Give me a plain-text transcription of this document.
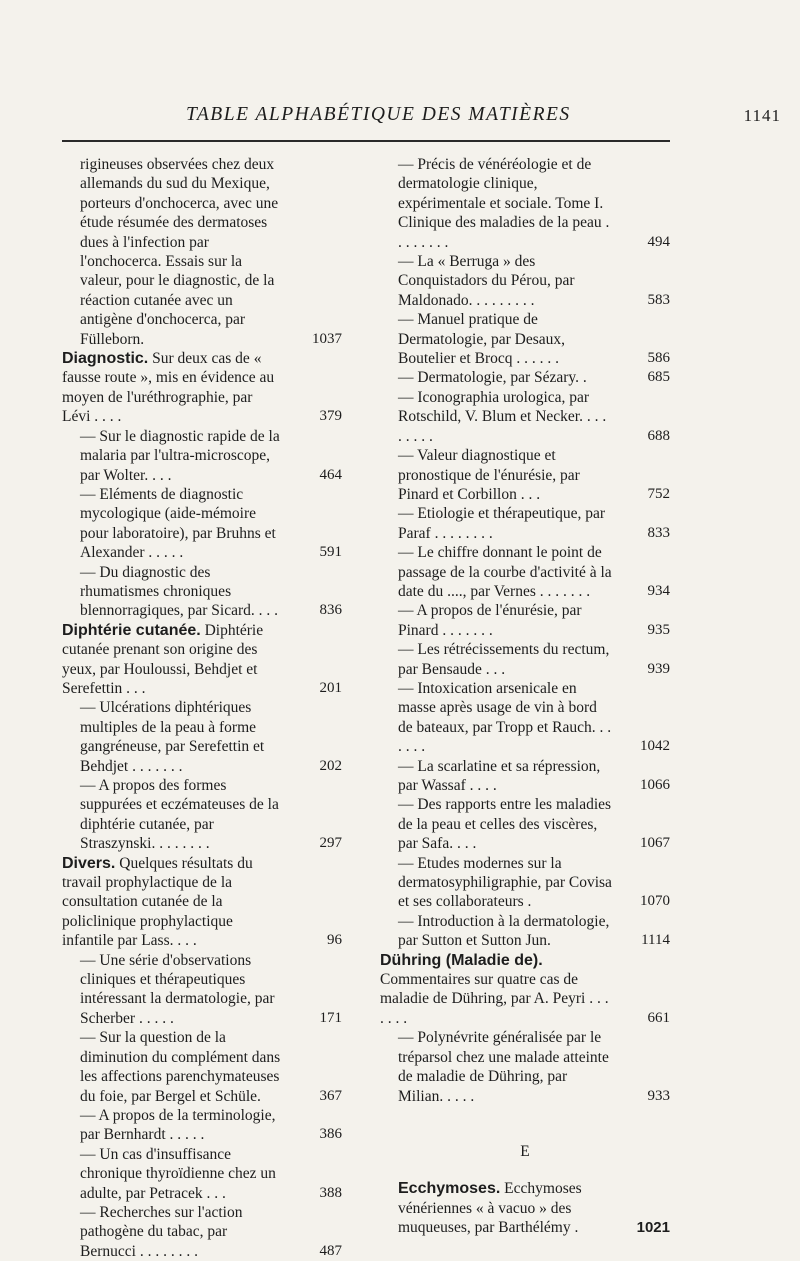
TABLE ALPHABÉTIQUE DES MATIÈRES	1141
rigineuses observées chez deux allemands du sud du Mexique, porteurs d'onchocerca, avec une étude résumée des dermatoses dues à l'infection par l'onchocerca. Essais sur la valeur, pour le diagnostic, de la réaction cutanée avec un antigène d'onchocerca, par Fülleborn.	1037
Diagnostic. Sur deux cas de « fausse route », mis en évidence au moyen de l'uréthrographie, par Lévi . . . .	379
— Sur le diagnostic rapide de la malaria par l'ultra-microscope, par Wolter. . . .	464
— Eléments de diagnostic mycologique (aide-mémoire pour laboratoire), par Bruhns et Alexander . . . . .	591
— Du diagnostic des rhumatismes chroniques blennorragiques, par Sicard. . . .	836
Diphtérie cutanée. Diphtérie cutanée prenant son origine des yeux, par Houloussi, Behdjet et Serefettin . . .	201
— Ulcérations diphtériques multiples de la peau à forme gangréneuse, par Serefettin et Behdjet . . . . . . .	202
— A propos des formes suppurées et eczémateuses de la diphtérie cutanée, par Straszynski. . . . . . . .	297
Divers. Quelques résultats du travail prophylactique de la consultation cutanée de la policlinique prophylactique infantile par Lass. . . .	96
— Une série d'observations cliniques et thérapeutiques intéressant la dermatologie, par Scherber . . . . .	171
— Sur la question de la diminution du complément dans les affections parenchymateuses du foie, par Bergel et Schüle.	367
— A propos de la terminologie, par Bernhardt . . . . .	386
— Un cas d'insuffisance chronique thyroïdienne chez un adulte, par Petracek . . .	388
— Recherches sur l'action pathogène du tabac, par Bernucci . . . . . . . .	487
— Précis de vénéréologie et de dermatologie clinique, expérimentale et sociale. Tome I. Clinique des maladies de la peau . . . . . . . .	494
— La « Berruga » des Conquistadors du Pérou, par Maldonado. . . . . . . . .	583
— Manuel pratique de Dermatologie, par Desaux, Boutelier et Brocq . . . . . .	586
— Dermatologie, par Sézary. .	685
— Iconographia urologica, par Rotschild, V. Blum et Necker. . . . . . . . .	688
— Valeur diagnostique et pronostique de l'énurésie, par Pinard et Corbillon . . .	752
— Etiologie et thérapeutique, par Paraf . . . . . . . .	833
— Le chiffre donnant le point de passage de la courbe d'activité à la date du ...., par Vernes . . . . . . .	934
— A propos de l'énurésie, par Pinard . . . . . . .	935
— Les rétrécissements du rectum, par Bensaude . . .	939
— Intoxication arsenicale en masse après usage de vin à bord de bateaux, par Tropp et Rauch. . . . . . .	1042
— La scarlatine et sa répression, par Wassaf . . . .	1066
— Des rapports entre les maladies de la peau et celles des viscères, par Safa. . . .	1067
— Etudes modernes sur la dermatosyphiligraphie, par Covisa et ses collaborateurs .	1070
— Introduction à la dermatologie, par Sutton et Sutton Jun.	1114
Dühring (Maladie de). Commentaires sur quatre cas de maladie de Dühring, par A. Peyri . . . . . . .	661
— Polynévrite généralisée par le tréparsol chez une malade atteinte de maladie de Dühring, par Milian. . . . .	933
E
Ecchymoses. Ecchymoses vénériennes « à vacuo » des muqueuses, par Barthélémy .	1021
